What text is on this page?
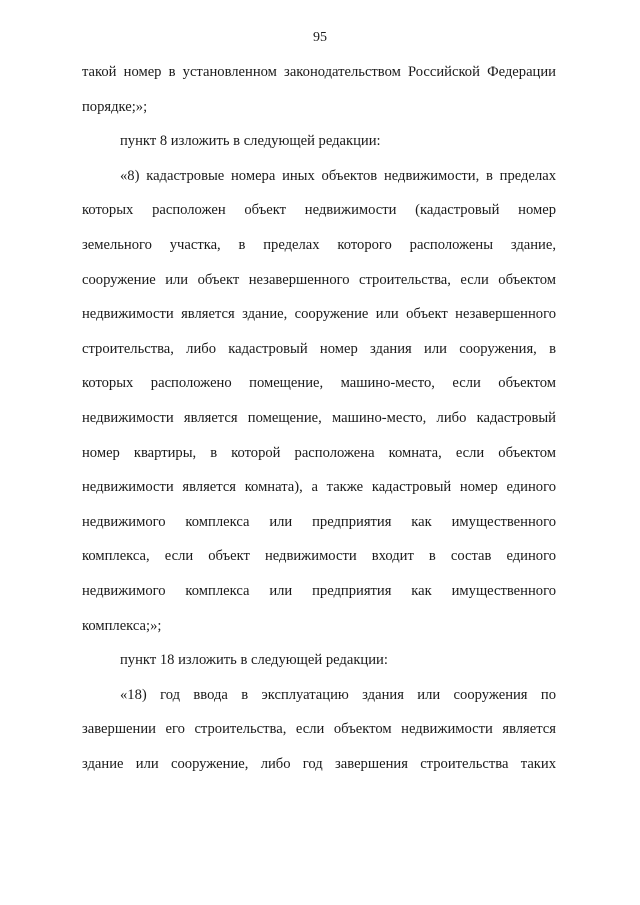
95
такой номер в установленном законодательством Российской Федерации
порядке;»;
пункт 8 изложить в следующей редакции:
«8) кадастровые номера иных объектов недвижимости, в пределах
которых расположен объект недвижимости (кадастровый номер
земельного участка, в пределах которого расположены здание,
сооружение или объект незавершенного строительства, если объектом
недвижимости является здание, сооружение или объект незавершенного
строительства, либо кадастровый номер здания или сооружения, в
которых расположено помещение, машино-место, если объектом
недвижимости является помещение, машино-место, либо кадастровый
номер квартиры, в которой расположена комната, если объектом
недвижимости является комната), а также кадастровый номер единого
недвижимого комплекса или предприятия как имущественного
комплекса, если объект недвижимости входит в состав единого
недвижимого комплекса или предприятия как имущественного
комплекса;»;
пункт 18 изложить в следующей редакции:
«18) год ввода в эксплуатацию здания или сооружения по
завершении его строительства, если объектом недвижимости является
здание или сооружение, либо год завершения строительства таких
